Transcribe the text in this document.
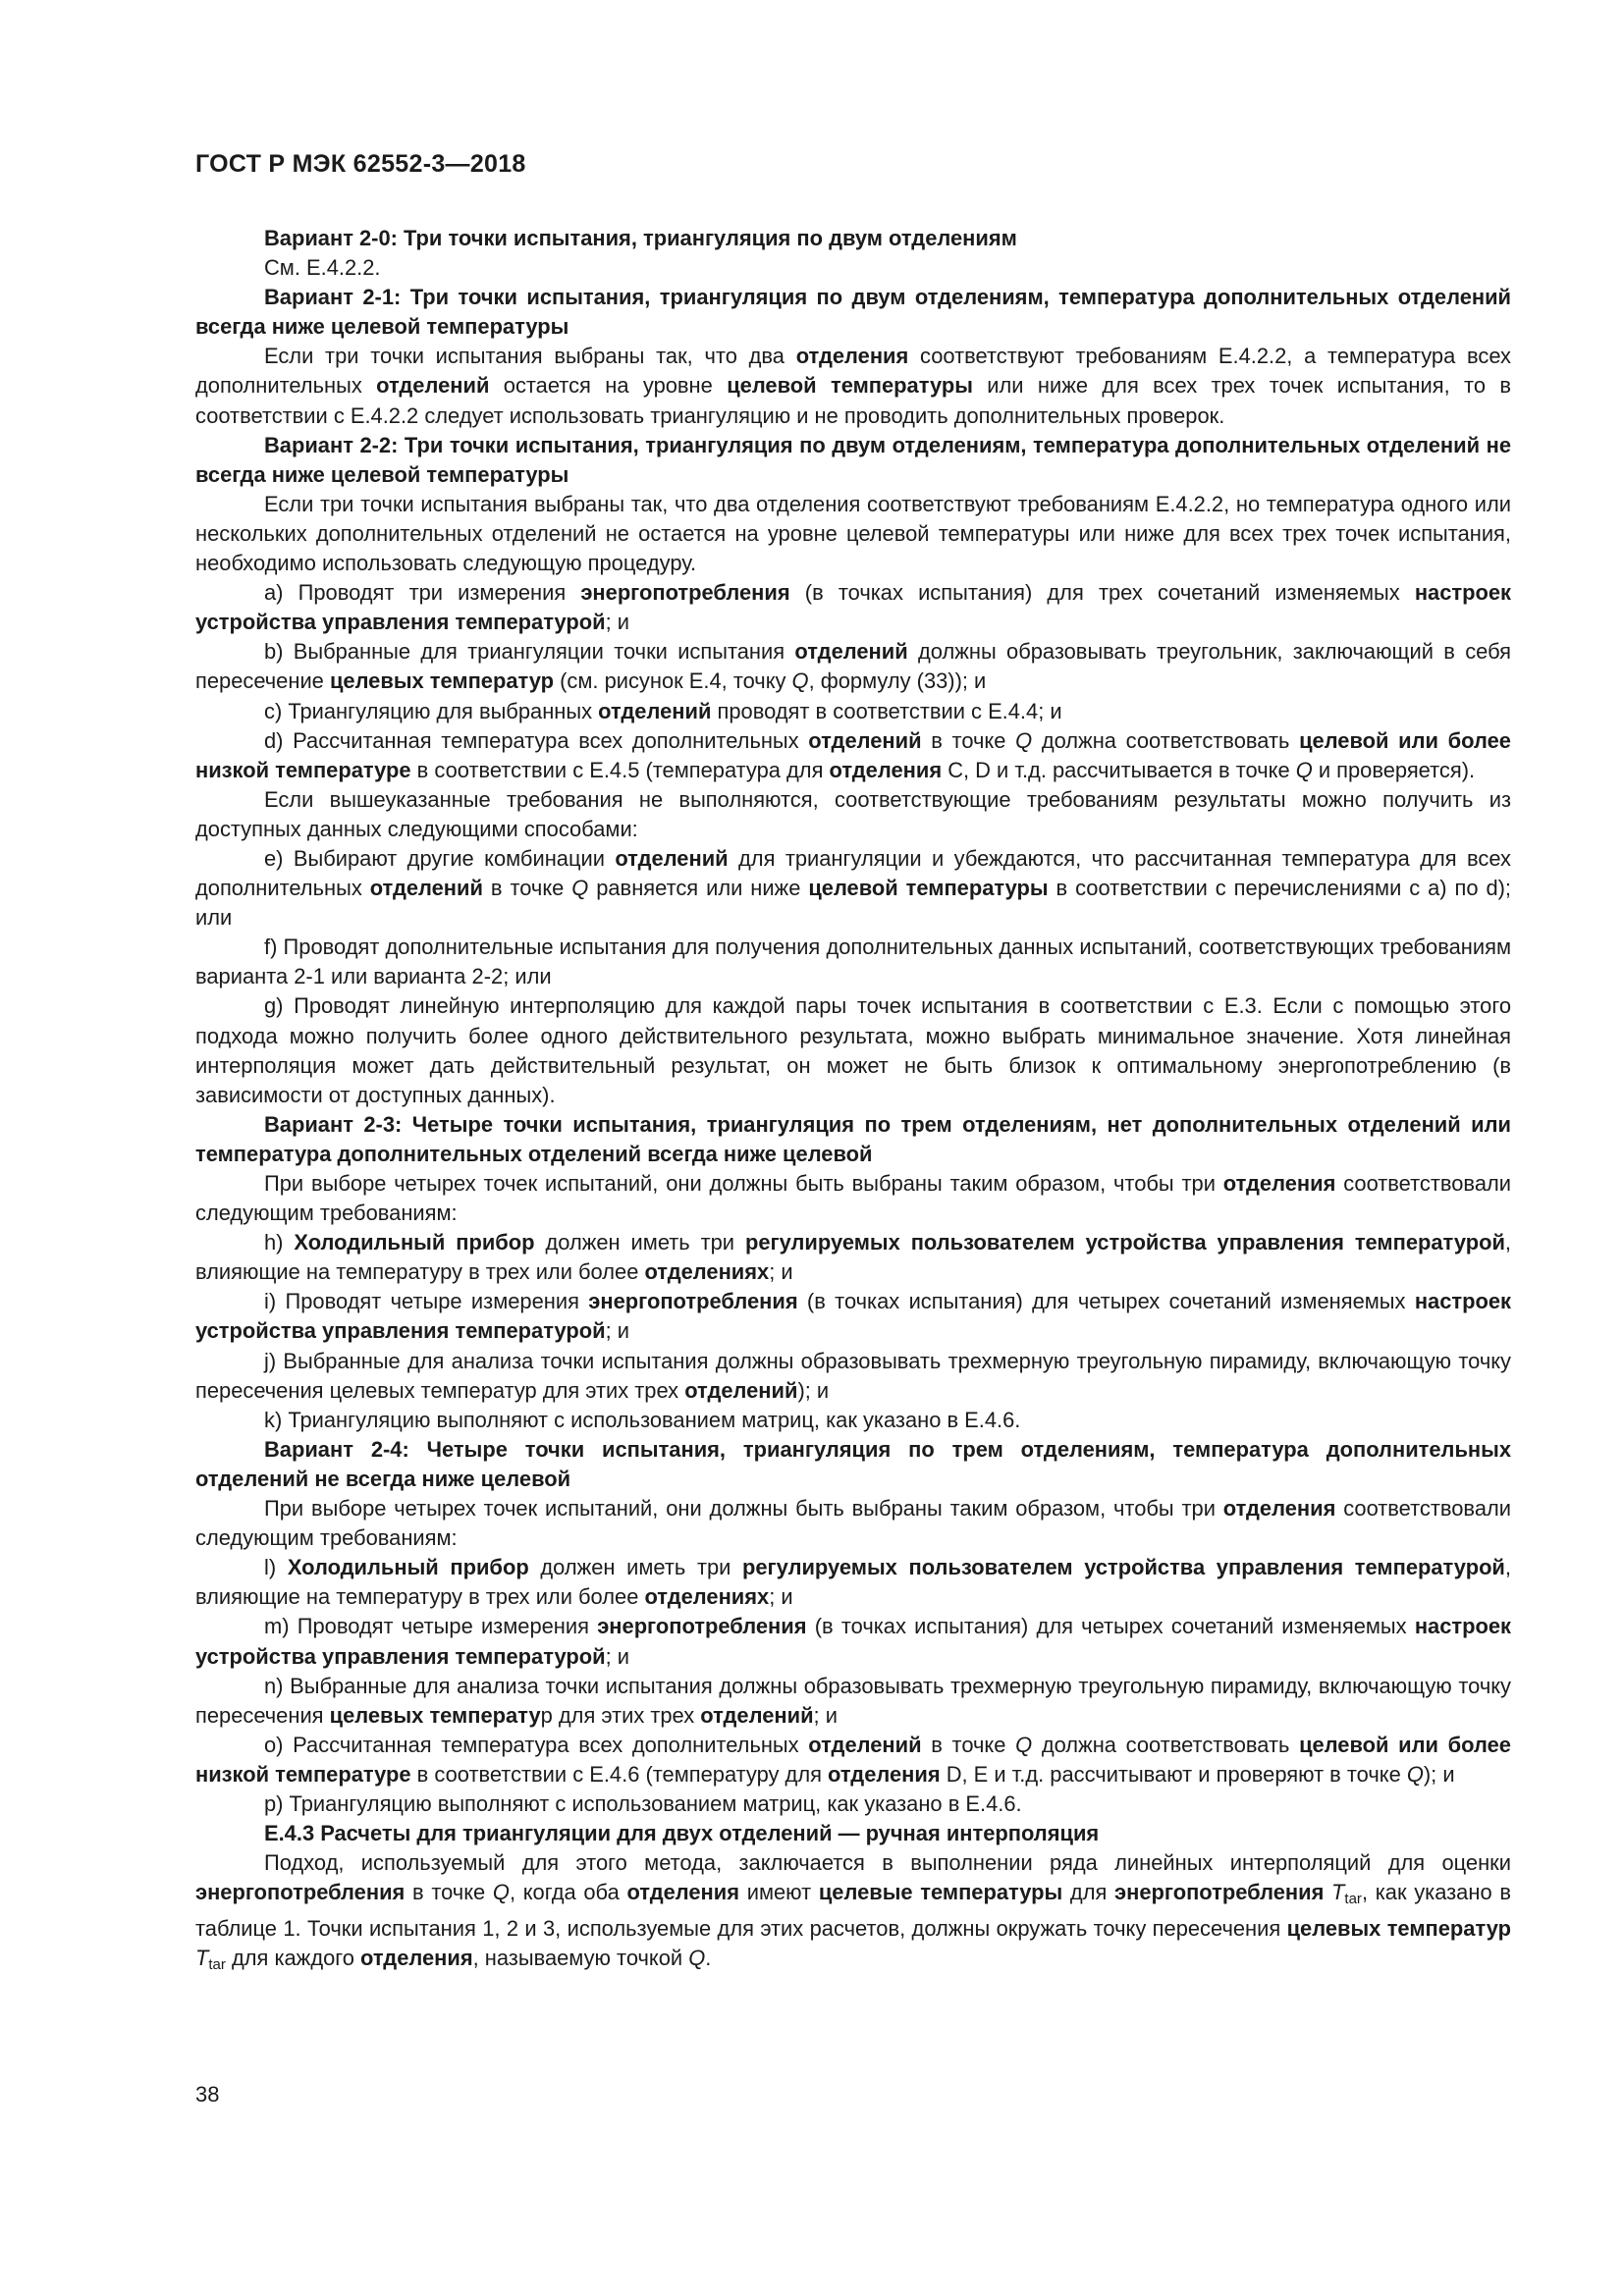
ГОСТ Р МЭК 62552-3—2018

Вариант 2-0: Три точки испытания, триангуляция по двум отделениям

См. Е.4.2.2.

Вариант 2-1: Три точки испытания, триангуляция по двум отделениям, температура дополнительных отделений всегда ниже целевой температуры

Если три точки испытания выбраны так, что два отделения соответствуют требованиям Е.4.2.2, а температура всех дополнительных отделений остается на уровне целевой температуры или ниже для всех трех точек испытания, то в соответствии с Е.4.2.2 следует использовать триангуляцию и не проводить дополнительных проверок.

Вариант 2-2: Три точки испытания, триангуляция по двум отделениям, температура дополнительных отделений не всегда ниже целевой температуры

Если три точки испытания выбраны так, что два отделения соответствуют требованиям Е.4.2.2, но температура одного или нескольких дополнительных отделений не остается на уровне целевой температуры или ниже для всех трех точек испытания, необходимо использовать следующую процедуру.

а) Проводят три измерения энергопотребления (в точках испытания) для трех сочетаний изменяемых настроек устройства управления температурой; и

b) Выбранные для триангуляции точки испытания отделений должны образовывать треугольник, заключающий в себя пересечение целевых температур (см. рисунок Е.4, точку Q, формулу (33)); и

с) Триангуляцию для выбранных отделений проводят в соответствии с Е.4.4; и

d) Рассчитанная температура всех дополнительных отделений в точке Q должна соответствовать целевой или более низкой температуре в соответствии с Е.4.5 (температура для отделения С, D и т.д. рассчитывается в точке Q и проверяется).

Если вышеуказанные требования не выполняются, соответствующие требованиям результаты можно получить из доступных данных следующими способами:

е) Выбирают другие комбинации отделений для триангуляции и убеждаются, что рассчитанная температура для всех дополнительных отделений в точке Q равняется или ниже целевой температуры в соответствии с перечислениями с а) по d); или

f) Проводят дополнительные испытания для получения дополнительных данных испытаний, соответствующих требованиям варианта 2-1 или варианта 2-2; или

g) Проводят линейную интерполяцию для каждой пары точек испытания в соответствии с Е.3. Если с помощью этого подхода можно получить более одного действительного результата, можно выбрать минимальное значение. Хотя линейная интерполяция может дать действительный результат, он может не быть близок к оптимальному энергопотреблению (в зависимости от доступных данных).

Вариант 2-3: Четыре точки испытания, триангуляция по трем отделениям, нет дополнительных отделений или температура дополнительных отделений всегда ниже целевой

При выборе четырех точек испытаний, они должны быть выбраны таким образом, чтобы три отделения соответствовали следующим требованиям:

h) Холодильный прибор должен иметь три регулируемых пользователем устройства управления температурой, влияющие на температуру в трех или более отделениях; и

i) Проводят четыре измерения энергопотребления (в точках испытания) для четырех сочетаний изменяемых настроек устройства управления температурой; и

j) Выбранные для анализа точки испытания должны образовывать трехмерную треугольную пирамиду, включающую точку пересечения целевых температур для этих трех отделений); и

k) Триангуляцию выполняют с использованием матриц, как указано в Е.4.6.

Вариант 2-4: Четыре точки испытания, триангуляция по трем отделениям, температура дополнительных отделений не всегда ниже целевой

При выборе четырех точек испытаний, они должны быть выбраны таким образом, чтобы три отделения соответствовали следующим требованиям:

l) Холодильный прибор должен иметь три регулируемых пользователем устройства управления температурой, влияющие на температуру в трех или более отделениях; и

m) Проводят четыре измерения энергопотребления (в точках испытания) для четырех сочетаний изменяемых настроек устройства управления температурой; и

n) Выбранные для анализа точки испытания должны образовывать трехмерную треугольную пирамиду, включающую точку пересечения целевых температур для этих трех отделений; и

о) Рассчитанная температура всех дополнительных отделений в точке Q должна соответствовать целевой или более низкой температуре в соответствии с Е.4.6 (температуру для отделения D, Е и т.д. рассчитывают и проверяют в точке Q); и

р) Триангуляцию выполняют с использованием матриц, как указано в Е.4.6.

Е.4.3 Расчеты для триангуляции для двух отделений — ручная интерполяция

Подход, используемый для этого метода, заключается в выполнении ряда линейных интерполяций для оценки энергопотребления в точке Q, когда оба отделения имеют целевые температуры для энергопотребления $T_{tar}$, как указано в таблице 1. Точки испытания 1, 2 и 3, используемые для этих расчетов, должны окружать точку пересечения целевых температур $T_{tar}$ для каждого отделения, называемую точкой Q.

38
